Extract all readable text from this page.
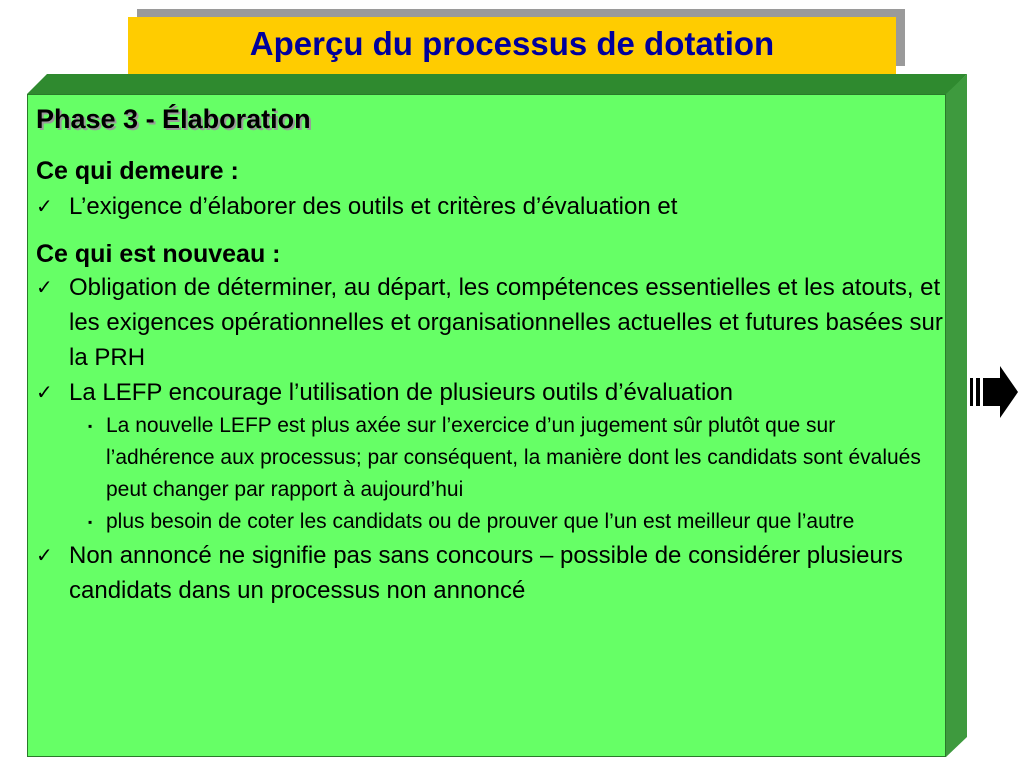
Aperçu du processus de dotation
Phase 3 - Élaboration
Ce qui demeure :
✓ L’exigence d’élaborer des outils et critères d’évaluation et
Ce qui est nouveau :
✓ Obligation de déterminer, au départ, les compétences essentielles et les atouts, et les exigences opérationnelles et organisationnelles actuelles et futures basées sur la PRH
✓ La LEFP encourage l’utilisation de plusieurs outils d’évaluation
▪ La nouvelle LEFP est plus axée sur l’exercice d’un jugement sûr plutôt que sur l’adhérence aux processus; par conséquent, la manière dont les candidats sont évalués peut changer par rapport à aujourd’hui
▪ plus besoin de coter les candidats ou de prouver que l’un est meilleur que l’autre
✓ Non annoncé ne signifie pas sans concours – possible de considérer plusieurs candidats dans un processus non annoncé
